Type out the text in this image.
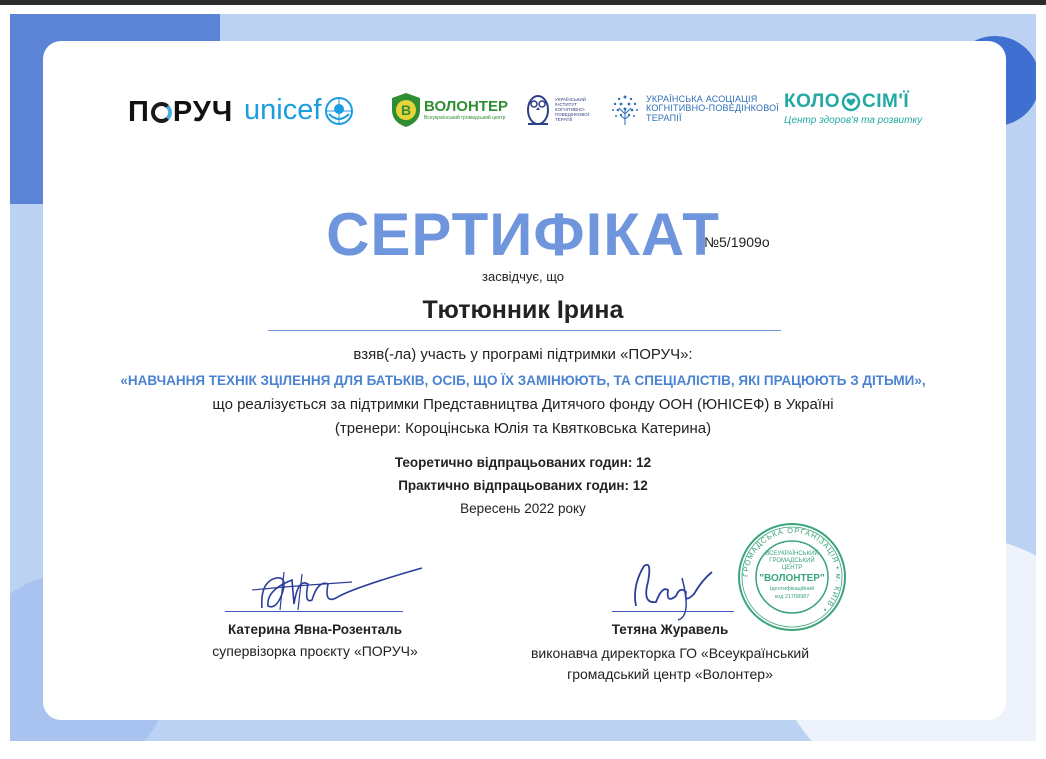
П РУЧ unicef	B ВОЛОНТЕР
Всеукраїнський громадський центр
УКРАЇНСЬКИЙ ІНСТИТУТ КОГНІТИВНО-ПОВЕДІНКОВОЇ ТЕРАПІЇ
УКРАЇНСЬКА АСОЦІАЦІЯ
КОГНІТИВНО-ПОВЕДІНКОВОЇ
ТЕРАПІЇ
КОЛО СІМ'Ї
Центр здоров'я та розвитку
СЕРТИФІКАТ
№5/1909о
засвідчує, що
Тютюнник Ірина
взяв(-ла) участь у програмі підтримки «ПОРУЧ»:
«НАВЧАННЯ ТЕХНІК ЗЦІЛЕННЯ ДЛЯ БАТЬКІВ, ОСІБ, ЩО ЇХ ЗАМІНЮЮТЬ, ТА СПЕЦІАЛІСТІВ, ЯКІ ПРАЦЮЮТЬ З ДІТЬМИ»,
що реалізується за підтримки Представництва Дитячого фонду ООН (ЮНІСЕФ) в Україні
(тренери: Короцінська Юлія та Квятковська Катерина)
Теоретично відпрацьованих годин: 12
Практично відпрацьованих годин: 12
Вересень 2022 року
Катерина Явна-Розенталь
супервізорка проєкту «ПОРУЧ»
ГРОМАДСЬКА ОРГАНІЗАЦІЯ • м. КИЇВ •
ВСЕУКРАЇНСЬКИЙ
ГРОМАДСЬКИЙ
ЦЕНТР
"ВОЛОНТЕР"
Ідентифікаційний
код 21708987
Тетяна Журавель
виконавча директорка ГО «Всеукраїнський
громадський центр «Волонтер»
